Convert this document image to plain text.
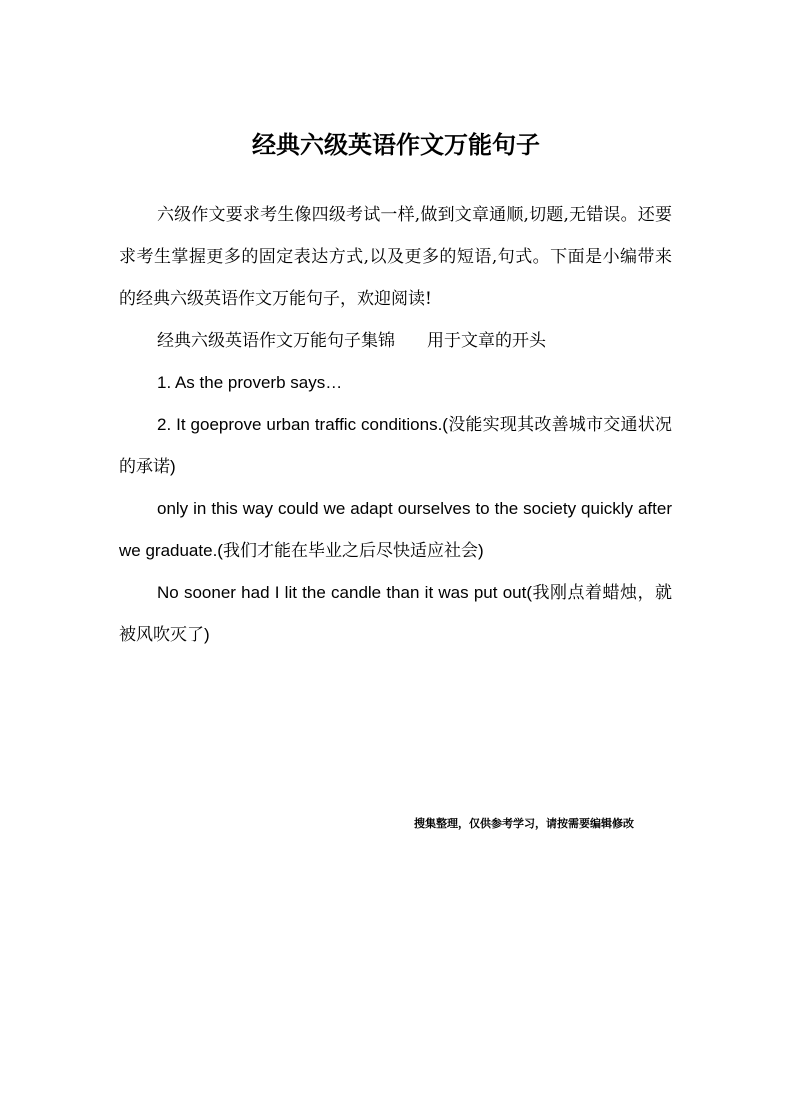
经典六级英语作文万能句子

六级作文要求考生像四级考试一样,做到文章通顺,切题,无错误。还要求考生掌握更多的固定表达方式,以及更多的短语,句式。下面是小编带来的经典六级英语作文万能句子，欢迎阅读!

经典六级英语作文万能句子集锦 用于文章的开头

1. As the proverb says…

2. It goeprove urban traffic conditions.(没能实现其改善城市交通状况的承诺)

only in this way could we adapt ourselves to the society quickly after we graduate.(我们才能在毕业之后尽快适应社会)

No sooner had I lit the candle than it was put out(我刚点着蜡烛，就被风吹灭了)

搜集整理，仅供参考学习，请按需要编辑修改
